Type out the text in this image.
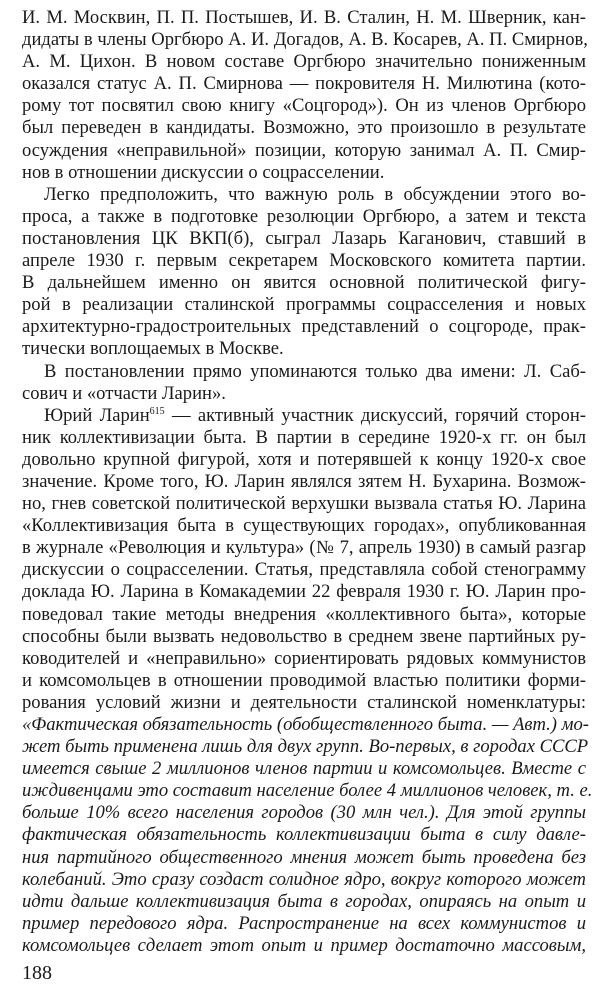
И. М. Москвин, П. П. Постышев, И. В. Сталин, Н. М. Шверник, кан-
дидаты в члены Оргбюро А. И. Догадов, А. В. Косарев, А. П. Смирнов,
А. М. Цихон. В новом составе Оргбюро значительно пониженным
оказался статус А. П. Смирнова — покровителя Н. Милютина (кото-
рому тот посвятил свою книгу «Соцгород»). Он из членов Оргбюро
был переведен в кандидаты. Возможно, это произошло в результате
осуждения «неправильной» позиции, которую занимал А. П. Смир-
нов в отношении дискуссии о соцрасселении.
Легко предположить, что важную роль в обсуждении этого во-
проса, а также в подготовке резолюции Оргбюро, а затем и текста
постановления ЦК ВКП(б), сыграл Лазарь Каганович, ставший в
апреле 1930 г. первым секретарем Московского комитета партии.
В дальнейшем именно он явится основной политической фигу-
рой в реализации сталинской программы соцрасселения и новых
архитектурно-градостроительных представлений о соцгороде, прак-
тически воплощаемых в Москве.
В постановлении прямо упоминаются только два имени: Л. Саб-
сович и «отчасти Ларин».
Юрий Ларин$^{615}$ — активный участник дискуссий, горячий сторон-
ник коллективизации быта. В партии в середине 1920-х гг. он был
довольно крупной фигурой, хотя и потерявшей к концу 1920-х свое
значение. Кроме того, Ю. Ларин являлся зятем Н. Бухарина. Возмож-
но, гнев советской политической верхушки вызвала статья Ю. Ларина
«Коллективизация быта в существующих городах», опубликованная
в журнале «Революция и культура» (№ 7, апрель 1930) в самый разгар
дискуссии о соцрасселении. Статья, представляла собой стенограмму
доклада Ю. Ларина в Комакадемии 22 февраля 1930 г. Ю. Ларин про-
поведовал такие методы внедрения «коллективного быта», которые
способны были вызвать недовольство в среднем звене партийных ру-
ководителей и «неправильно» сориентировать рядовых коммунистов
и комсомольцев в отношении проводимой властью политики форми-
рования условий жизни и деятельности сталинской номенклатуры:
«Фактическая обязательность (обобществленного быта. — Авт.) мо-
жет быть применена лишь для двух групп. Во-первых, в городах СССР
имеется свыше 2 миллионов членов партии и комсомольцев. Вместе с
иждивенцами это составит население более 4 миллионов человек, т. е.
больше 10% всего населения городов (30 млн чел.). Для этой группы
фактическая обязательность коллективизации быта в силу давле-
ния партийного общественного мнения может быть проведена без
колебаний. Это сразу создаст солидное ядро, вокруг которого может
идти дальше коллективизация быта в городах, опираясь на опыт и
пример передового ядра. Распространение на всех коммунистов и
комсомольцев сделает этот опыт и пример достаточно массовым,
188
